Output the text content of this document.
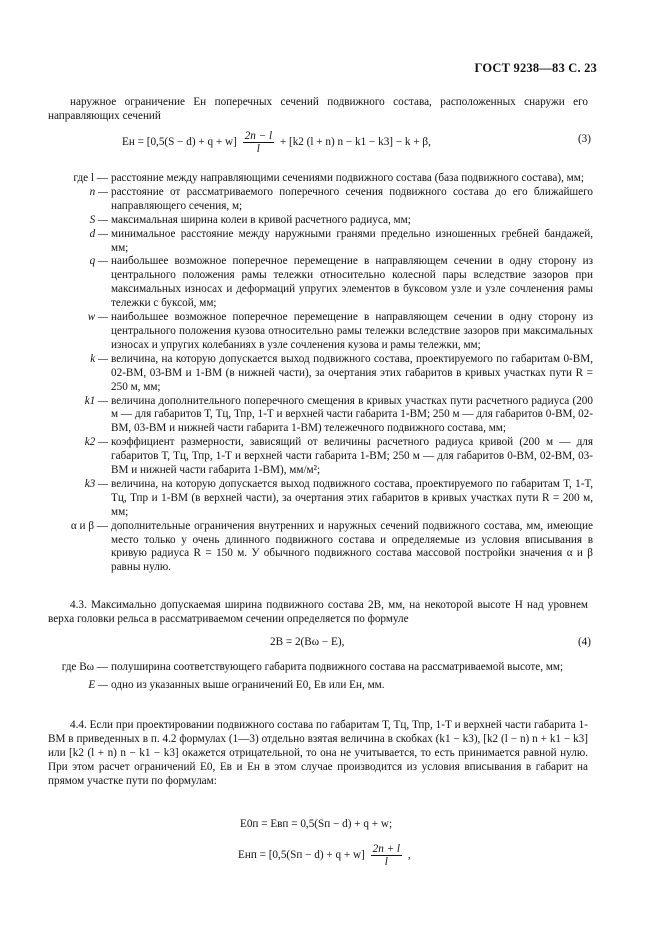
ГОСТ 9238—83 С. 23
наружное ограничение Eн поперечных сечений подвижного состава, расположенных снаружи его направляющих сечений
Eн = $[0,5(S - d) + q + w] \frac{2n - l}{l} + [k2$ (l + n) n − k1 − k3] − k + β,	(3)
где l — расстояние между направляющими сечениями подвижного состава (база подвижного состава), мм;
n — расстояние от рассматриваемого поперечного сечения подвижного состава до его ближайшего направляющего сечения, м;
S — максимальная ширина колеи в кривой расчетного радиуса, мм;
d — минимальное расстояние между наружными гранями предельно изношенных гребней бандажей, мм;
q — наибольшее возможное поперечное перемещение в направляющем сечении в одну сторону из центрального положения рамы тележки относительно колесной пары вследствие зазоров при максимальных износах и деформаций упругих элементов в буксовом узле и узле сочленения рамы тележки с буксой, мм;
w — наибольшее возможное поперечное перемещение в направляющем сечении в одну сторону из центрального положения кузова относительно рамы тележки вследствие зазоров при максимальных износах и упругих колебаниях в узле сочленения кузова и рамы тележки, мм;
k — величина, на которую допускается выход подвижного состава, проектируемого по габаритам 0-ВМ, 02-ВМ, 03-ВМ и 1-ВМ (в нижней части), за очертания этих габаритов в кривых участках пути R = 250 м, мм;
k1 — величина дополнительного поперечного смещения в кривых участках пути расчетного радиуса (200 м — для габаритов Т, Тц, Тпр, 1-Т и верхней части габарита 1-ВМ; 250 м — для габаритов 0-ВМ, 02-ВМ, 03-ВМ и нижней части габарита 1-ВМ) тележечного подвижного состава, мм;
k2 — коэффициент размерности, зависящий от величины расчетного радиуса кривой (200 м — для габаритов Т, Тц, Тпр, 1-Т и верхней части габарита 1-ВМ; 250 м — для габаритов 0-ВМ, 02-ВМ, 03-ВМ и нижней части габарита 1-ВМ), мм/м²;
k3 — величина, на которую допускается выход подвижного состава, проектируемого по габаритам Т, 1-Т, Тц, Тпр и 1-ВМ (в верхней части), за очертания этих габаритов в кривых участках пути R = 200 м, мм;
α и β — дополнительные ограничения внутренних и наружных сечений подвижного состава, мм, имеющие место только у очень длинного подвижного состава и определяемые из условия вписывания в кривую радиуса R = 150 м. У обычного подвижного состава массовой постройки значения α и β равны нулю.
4.3. Максимально допускаемая ширина подвижного состава 2B, мм, на некоторой высоте H над уровнем верха головки рельса в рассматриваемом сечении определяется по формуле
2B = 2(Bω − E),	(4)
где Bω — полуширина соответствующего габарита подвижного состава на рассматриваемой высоте, мм;
E — одно из указанных выше ограничений E0, Eв или Eн, мм.
4.4. Если при проектировании подвижного состава по габаритам Т, Тц, Тпр, 1-Т и верхней части габарита 1-ВМ в приведенных в п. 4.2 формулах (1—3) отдельно взятая величина в скобках (k1 − k3), [k2 (l − n) n + k1 − k3] или [k2 (l + n) n − k1 − k3] окажется отрицательной, то она не учитывается, то есть принимается равной нулю. При этом расчет ограничений E0, Eв и Eн в этом случае производится из условия вписывания в габарит на прямом участке пути по формулам:
E0п = Eвп = 0,5(Sп − d) + q + w;
Eнп = $[0,5(Sп - d) + q + w] \frac{2n + l}{l}$ ,
